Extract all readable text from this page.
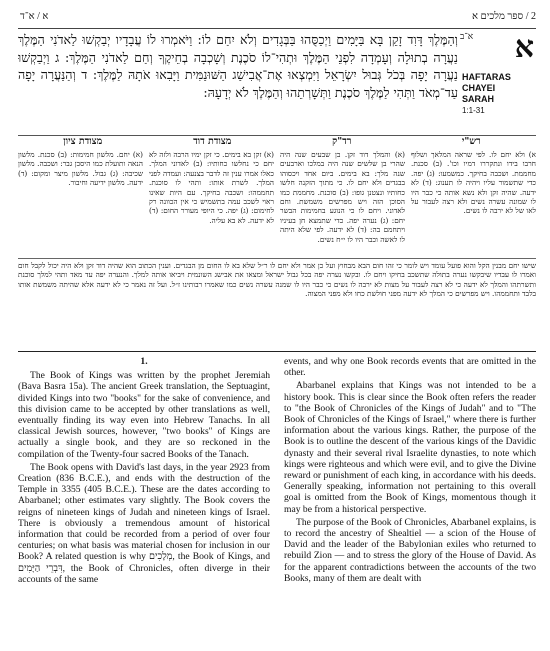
א / א־ד	2 / ספר מלכים א
א־ב א
HAFTARAS
CHAYEI
SARAH
1:1-31
וְהַמֶּלֶךְ דָּוִד זָקֵן בָּא בַּיָּמִים וַיְכַסֻּהוּ בַּבְּגָדִים וְלֹא יִחַם לוֹ: וַיֹּאמְרוּ לוֹ עֲבָדָיו יְבַקְשׁוּ לַאדֹנִי הַמֶּלֶךְ נַעֲרָה בְתוּלָה וְעָמְדָה לִפְנֵי הַמֶּלֶךְ וּתְהִי־לוֹ סֹכֶנֶת וְשָׁכְבָה בְחֵיקֶךָ וְחַם לַאדֹנִי הַמֶּלֶךְ: ג וַיְבַקְשׁוּ נַעֲרָה יָפָה בְּכֹל גְּבוּל יִשְׂרָאֵל וַיִּמְצְאוּ אֶת־אֲבִישַׁג הַשּׁוּנַמִּית וַיָּבִאוּ אֹתָהּ לַמֶּלֶךְ: ד וְהַנַּעֲרָה יָפָה עַד־מְאֹד וַתְּהִי לַמֶּלֶךְ סֹכֶנֶת וַתְּשָׁרְתֵהוּ וְהַמֶּלֶךְ לֹא יְדָעָהּ:
רש"י
רד"ק
מצודת דוד
מצודת ציון
א) ולא יחם לו. לפי שראה המלאך ושלוף חרבו בידו ונתקררו דמיו וכו'. (ב) סכנת. מחממת. ושכבה בחיקך. כמשמעו: (ג) יפה. כדי שתשמור עליו ויהיה לו תענוג: (ד) לא ידעה. שהיה זקן ולא נשא אותה כי כבר היו לו שמונה עשרה נשים ולא רצה לעבור על לאו של לא ירבה לו נשים.
(א) והמלך דוד זקן. בן שבעים שנה היה שהרי בן שלשים שנה היה במלכו וארבעים שנה מלך: בא בימים. ביום אחד ויכסוהו בבגדים ולא יחם לו. כי מתוך הזקנה חלשו כחותיו ונצטנן גופו: (ב) סוכנת. מחממת כמו הסוכן הזה ויש מפרשים משמשת. וחם לאדוני. ויחם לו כי הנוגע בחמימות הבשר יחם: (ג) נערה יפה. כדי שתמצא חן בעיניו ויתחמם בה: (ד) לא ידעה. לפי שלא היתה לו לאשה וכבר היו לו י״ח נשים.
(א) זקן בא בימים. כי זקן ימיו הרבה ולזה לא יחם כי נחלשו כחותיו: (ב) לאדוני המלך. כאלו אמרו ענין זה לדבר בצנעה: ועמדה לפני המלך. לשרת אותו: ותהי לו סוכנת. תחממהו: ושכבה בחיקך. עם היות שאינו ראוי לשכב עמה בתשמיש כי אין הכוונה רק לחימום: (ג) יפה. כי היופי מעורר החום: (ד) לא ידעה. לא בא עליה.
(א) יחם. מלשון חמימות: (ב) סכנת. מלשון הנאה ותועלת כמו היסכן גבר: ושכבה. מלשון שכיבה: (ג) גבול. מלשון מיצר ומקום: (ד) ידעה. מלשון ידיעה וחיבור.
שישו יחם מבנין הקל והוא פועל עומד ויש לומר כי זהו חום הבא מבחוץ ועל כן אמר ולא יחם לו ר״ל שלא בא לו החום מן הבגדים. וענין הכתוב הוא שהיה דוד זקן ולא היה יכול לקבל חום ואמרו לו עבדיו שיבקשו נערה בתולה שתשכב בחיקו ויחם לו. ובקשו נערה יפה בכל גבול ישראל ומצאו את אבישג השונמית ויביאו אותה למלך. והנערה יפה עד מאד ותהי למלך סוכנת ותשרתהו והמלך לא ידעה כי לא רצה לעבור על מצות לא ירבה לו נשים כי כבר היו לו שמנה עשרה נשים כמו שאמרו רבותינו ז״ל. ועל זה נאמר כי לא ידעה אלא שהיתה משמשת אותו בלבד ותחממהו. ויש מפרשים כי המלך לא ידעה מפני חולשת כחו ולא מפני המצוה.
1.

The Book of Kings was written by the prophet Jeremiah (Bava Basra 15a). The ancient Greek translation, the Septuagint, divided Kings into two "books" for the sake of convenience, and this division came to be accepted by other translations as well, eventually finding its way even into Hebrew Tanachs. In all classical Jewish sources, however, "two books" of Kings are actually a single book, and they are so reckoned in the compilation of the Twenty-four sacred Books of the Tanach.

The Book opens with David's last days, in the year 2923 from Creation (836 B.C.E.), and ends with the destruction of the Temple in 3355 (405 B.C.E.). These are the dates according to Abarbanel; other estimates vary slightly. The Book covers the reigns of nineteen kings of Judah and nineteen kings of Israel. There is obviously a tremendous amount of historical information that could be recorded from a period of over four centuries; on what basis was material chosen for inclusion in our Book? A related question is why מְלָכִים, the Book of Kings, and דִּבְרֵי הַיָּמִים, the Book of Chronicles, often diverge in their accounts of the same

events, and why one Book records events that are omitted in the other.

Abarbanel explains that Kings was not intended to be a history book. This is clear since the Book often refers the reader to "the Book of Chronicles of the Kings of Judah" and to "The Book of Chronicles of the Kings of Israel," where there is further information about the various kings. Rather, the purpose of the Book is to outline the descent of the various kings of the Davidic dynasty and their several rival Israelite dynasties, to note which kings were righteous and which were evil, and to give the Divine reward or punishment of each king, in accordance with his deeds. Generally speaking, information not pertaining to this overall goal is omitted from the Book of Kings, momentous though it may be from a historical perspective.

The purpose of the Book of Chronicles, Abarbanel explains, is to record the ancestry of Shealtiel — a scion of the House of David and the leader of the Babylonian exiles who returned to rebuild Zion — and to stress the glory of the House of David. As for the apparent contradictions between the accounts of the two Books, many of them are dealt with
